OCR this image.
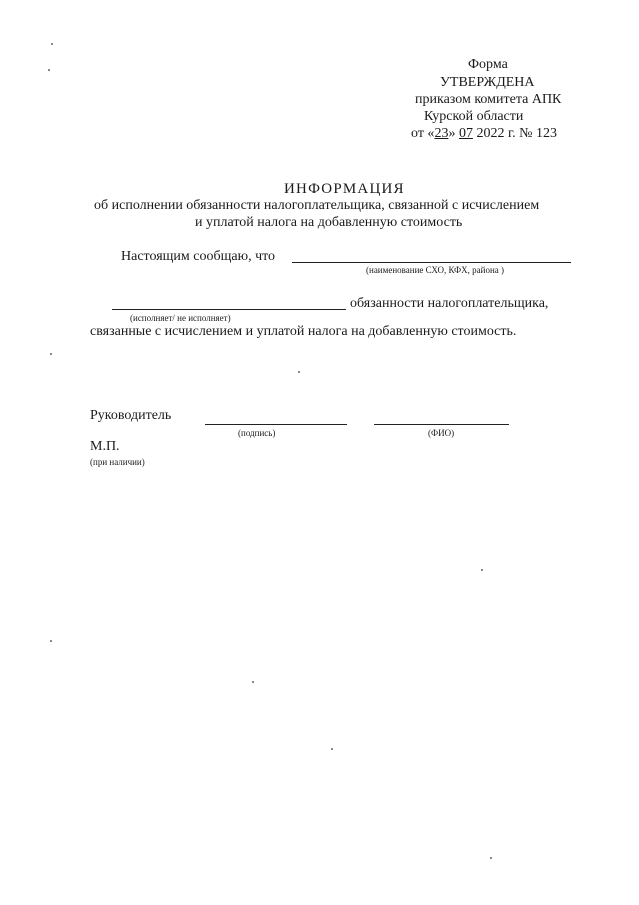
Форма
УТВЕРЖДЕНА
приказом комитета АПК
Курской области
от «23» 07 2022 г. № 123
ИНФОРМАЦИЯ
об исполнении обязанности налогоплательщика, связанной с исчислением
и уплатой налога на добавленную стоимость
Настоящим сообщаю, что
(наименование СХО, КФХ, района )
обязанности налогоплательщика,
(исполняет/ не исполняет)
связанные с исчислением и уплатой налога на добавленную стоимость.
Руководитель
(подпись)	(ФИО)
М.П.
(при наличии)
